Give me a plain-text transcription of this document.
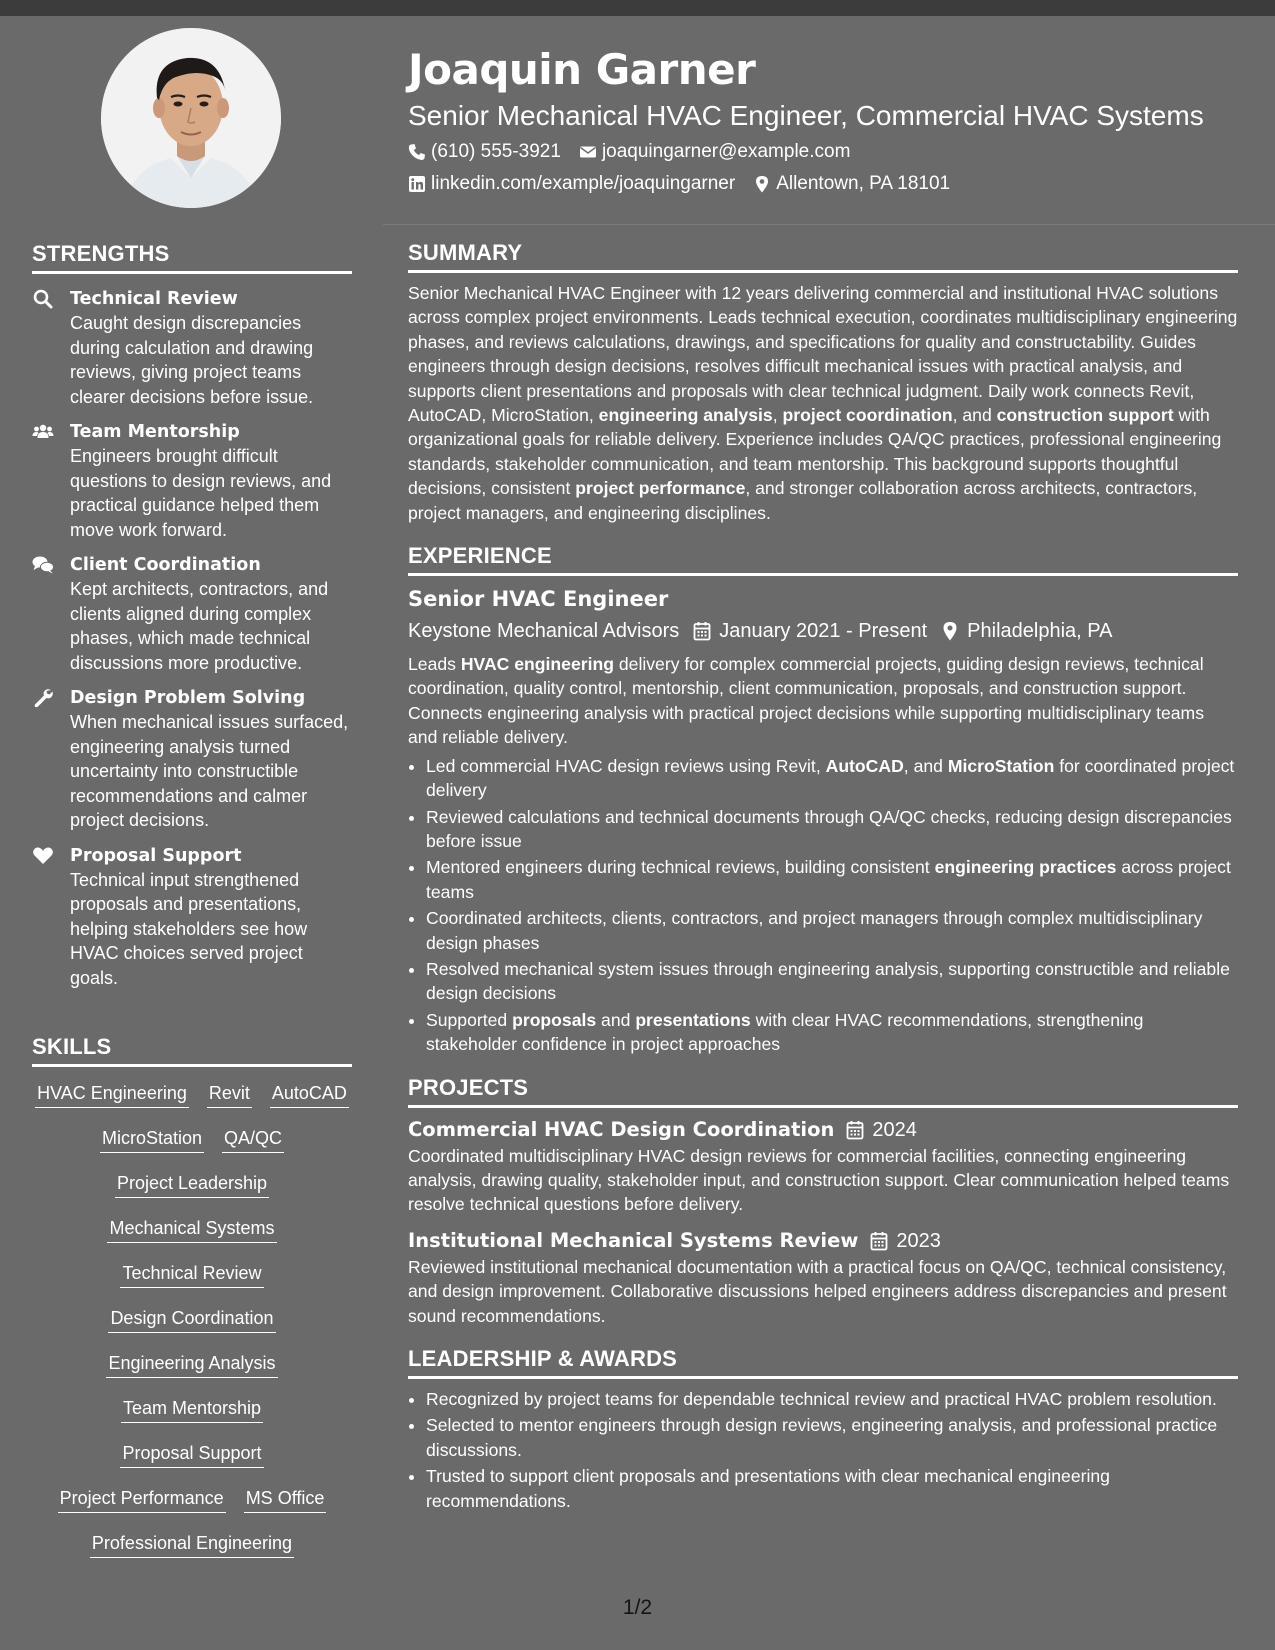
STRENGTHS
Technical Review
Caught design discrepancies during calculation and drawing reviews, giving project teams clearer decisions before issue.
Team Mentorship
Engineers brought difficult questions to design reviews, and practical guidance helped them move work forward.
Client Coordination
Kept architects, contractors, and clients aligned during complex phases, which made technical discussions more productive.
Design Problem Solving
When mechanical issues surfaced, engineering analysis turned uncertainty into constructible recommendations and calmer project decisions.
Proposal Support
Technical input strengthened proposals and presentations, helping stakeholders see how HVAC choices served project goals.
SKILLS
HVAC Engineering Revit AutoCAD
MicroStation QA/QC
Project Leadership
Mechanical Systems
Technical Review
Design Coordination
Engineering Analysis
Team Mentorship
Proposal Support
Project Performance MS Office
Professional Engineering
Joaquin Garner
Senior Mechanical HVAC Engineer, Commercial HVAC Systems
(610) 555-3921 joaquingarner@example.com
linkedin.com/example/joaquingarner Allentown, PA 18101
SUMMARY
Senior Mechanical HVAC Engineer with 12 years delivering commercial and institutional HVAC solutions across complex project environments. Leads technical execution, coordinates multidisciplinary engineering phases, and reviews calculations, drawings, and specifications for quality and constructability. Guides engineers through design decisions, resolves difficult mechanical issues with practical analysis, and supports client presentations and proposals with clear technical judgment. Daily work connects Revit, AutoCAD, MicroStation, engineering analysis, project coordination, and construction support with organizational goals for reliable delivery. Experience includes QA/QC practices, professional engineering standards, stakeholder communication, and team mentorship. This background supports thoughtful decisions, consistent project performance, and stronger collaboration across architects, contractors, project managers, and engineering disciplines.
EXPERIENCE
Senior HVAC Engineer
Keystone Mechanical Advisors January 2021 - Present Philadelphia, PA
Leads HVAC engineering delivery for complex commercial projects, guiding design reviews, technical coordination, quality control, mentorship, client communication, proposals, and construction support. Connects engineering analysis with practical project decisions while supporting multidisciplinary teams and reliable delivery.
• Led commercial HVAC design reviews using Revit, AutoCAD, and MicroStation for coordinated project delivery
• Reviewed calculations and technical documents through QA/QC checks, reducing design discrepancies before issue
• Mentored engineers during technical reviews, building consistent engineering practices across project teams
• Coordinated architects, clients, contractors, and project managers through complex multidisciplinary design phases
• Resolved mechanical system issues through engineering analysis, supporting constructible and reliable design decisions
• Supported proposals and presentations with clear HVAC recommendations, strengthening stakeholder confidence in project approaches
PROJECTS
Commercial HVAC Design Coordination 2024
Coordinated multidisciplinary HVAC design reviews for commercial facilities, connecting engineering analysis, drawing quality, stakeholder input, and construction support. Clear communication helped teams resolve technical questions before delivery.
Institutional Mechanical Systems Review 2023
Reviewed institutional mechanical documentation with a practical focus on QA/QC, technical consistency, and design improvement. Collaborative discussions helped engineers address discrepancies and present sound recommendations.
LEADERSHIP & AWARDS
• Recognized by project teams for dependable technical review and practical HVAC problem resolution.
• Selected to mentor engineers through design reviews, engineering analysis, and professional practice discussions.
• Trusted to support client proposals and presentations with clear mechanical engineering recommendations.
1/2
